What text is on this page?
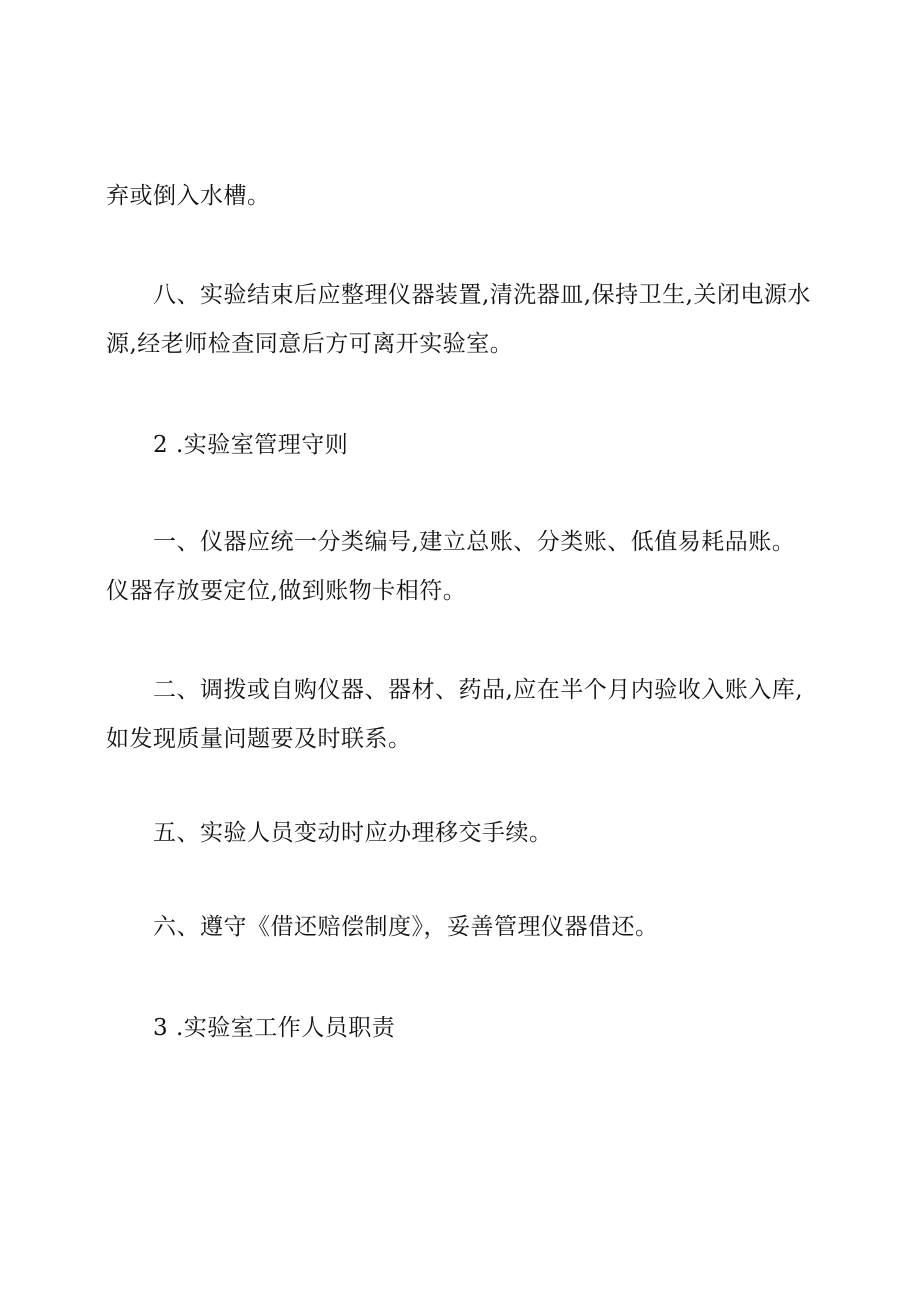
弃或倒入水槽。
八、实验结束后应整理仪器装置,清洗器皿,保持卫生,关闭电源水
源,经老师检查同意后方可离开实验室。
2 .实验室管理守则
一、仪器应统一分类编号,建立总账、分类账、低值易耗品账。
仪器存放要定位,做到账物卡相符。
二、调拨或自购仪器、器材、药品,应在半个月内验收入账入库,
如发现质量问题要及时联系。
五、实验人员变动时应办理移交手续。
六、遵守《借还赔偿制度》，妥善管理仪器借还。
3 .实验室工作人员职责
